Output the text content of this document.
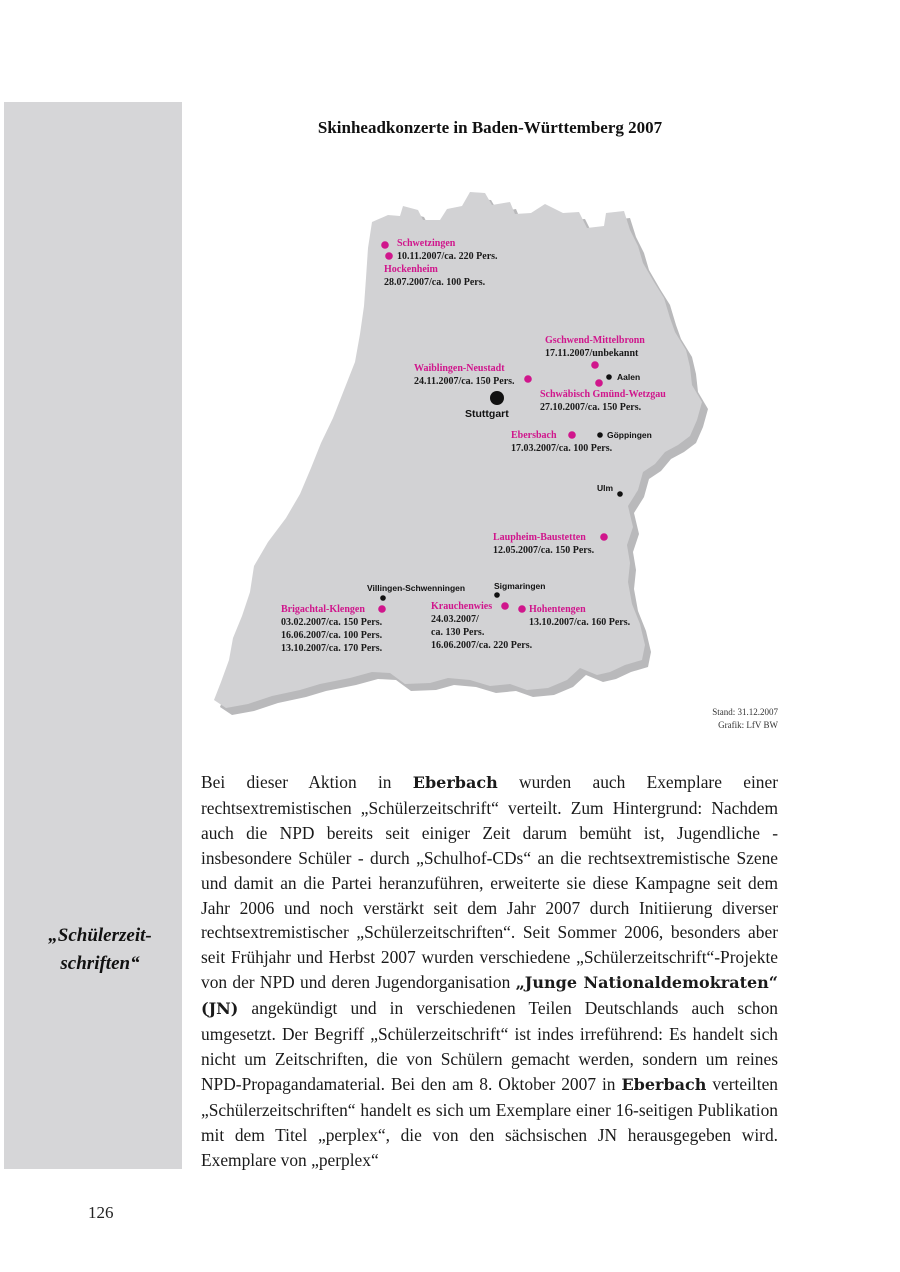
„Schülerzeit-
schriften“
Skinheadkonzerte in Baden-Württemberg 2007
Schwetzingen
10.11.2007/ca. 220 Pers.
Hockenheim
28.07.2007/ca. 100 Pers.
Gschwend-Mittelbronn
17.11.2007/unbekannt
Waiblingen-Neustadt
24.11.2007/ca. 150 Pers.	Aalen
Schwäbisch Gmünd-Wetzgau
27.10.2007/ca. 150 Pers.
Stuttgart
Ebersbach
17.03.2007/ca. 100 Pers.
Göppingen
Ulm
Laupheim-Baustetten
12.05.2007/ca. 150 Pers.
Villingen-Schwenningen	Sigmaringen
Brigachtal-Klengen
03.02.2007/ca. 150 Pers.
16.06.2007/ca. 100 Pers.
13.10.2007/ca. 170 Pers.
Krauchenwies
24.03.2007/
ca. 130 Pers.
16.06.2007/ca. 220 Pers.
Hohentengen
13.10.2007/ca. 160 Pers.
Stand: 31.12.2007
Grafik: LfV BW
Bei dieser Aktion in Eberbach wurden auch Exemplare einer rechtsextremistischen „Schülerzeitschrift“ verteilt. Zum Hintergrund: Nachdem auch die NPD bereits seit einiger Zeit darum bemüht ist, Jugendliche - insbesondere Schüler - durch „Schulhof-CDs“ an die rechtsextremistische Szene und damit an die Partei heranzuführen, erweiterte sie diese Kampagne seit dem Jahr 2006 und noch verstärkt seit dem Jahr 2007 durch Initiierung diverser rechtsextremistischer „Schülerzeitschriften“. Seit Sommer 2006, besonders aber seit Frühjahr und Herbst 2007 wurden verschiedene „Schülerzeitschrift“-Projekte von der NPD und deren Jugendorganisation „Junge Nationaldemokraten“ (JN) angekündigt und in verschiedenen Teilen Deutschlands auch schon umgesetzt. Der Begriff „Schülerzeitschrift“ ist indes irreführend: Es handelt sich nicht um Zeitschriften, die von Schülern gemacht werden, sondern um reines NPD-Propagandamaterial. Bei den am 8. Oktober 2007 in Eberbach verteilten „Schülerzeitschriften“ handelt es sich um Exemplare einer 16-seitigen Publikation mit dem Titel „perplex“, die von den sächsischen JN herausgegeben wird. Exemplare von „perplex“
126
